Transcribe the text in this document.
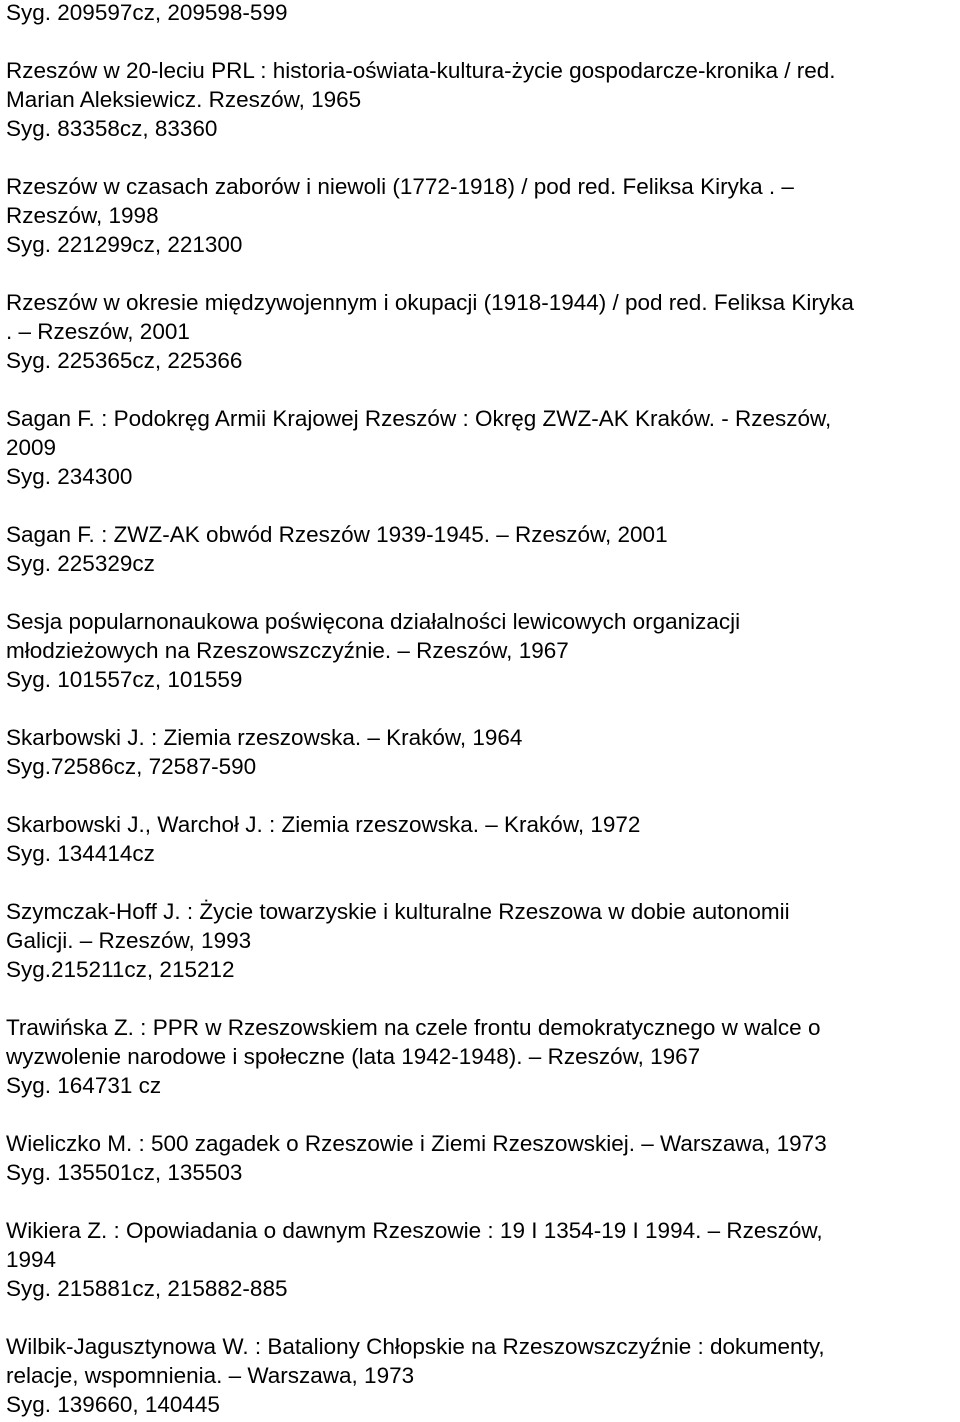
Syg. 209597cz, 209598-599
Rzeszów w 20-leciu PRL : historia-oświata-kultura-życie gospodarcze-kronika / red.
Marian Aleksiewicz. Rzeszów, 1965
Syg. 83358cz, 83360
Rzeszów w czasach zaborów i niewoli (1772-1918) / pod red. Feliksa Kiryka . –
Rzeszów, 1998
Syg. 221299cz, 221300
Rzeszów w okresie międzywojennym i okupacji (1918-1944) / pod red. Feliksa Kiryka
. – Rzeszów, 2001
Syg. 225365cz, 225366
Sagan F. : Podokręg Armii Krajowej Rzeszów : Okręg ZWZ-AK Kraków. - Rzeszów,
2009
Syg. 234300
Sagan F. : ZWZ-AK obwód Rzeszów 1939-1945. – Rzeszów, 2001
Syg. 225329cz
Sesja popularnonaukowa poświęcona działalności lewicowych organizacji
młodzieżowych na Rzeszowszczyźnie. – Rzeszów, 1967
Syg. 101557cz, 101559
Skarbowski J. : Ziemia rzeszowska. – Kraków, 1964
Syg.72586cz, 72587-590
Skarbowski J., Warchoł J. : Ziemia rzeszowska. – Kraków, 1972
Syg. 134414cz
Szymczak-Hoff J. : Życie towarzyskie i kulturalne Rzeszowa w dobie autonomii
Galicji. – Rzeszów, 1993
Syg.215211cz, 215212
Trawińska Z. : PPR w Rzeszowskiem na czele frontu demokratycznego w walce o
wyzwolenie narodowe i społeczne (lata 1942-1948). – Rzeszów, 1967
Syg. 164731 cz
Wieliczko M. : 500 zagadek o Rzeszowie i Ziemi Rzeszowskiej. – Warszawa, 1973
Syg. 135501cz, 135503
Wikiera Z. : Opowiadania o dawnym Rzeszowie : 19 I 1354-19 I 1994. – Rzeszów,
1994
Syg. 215881cz, 215882-885
Wilbik-Jagusztynowa W. : Bataliony Chłopskie na Rzeszowszczyźnie : dokumenty,
relacje, wspomnienia. – Warszawa, 1973
Syg. 139660, 140445
